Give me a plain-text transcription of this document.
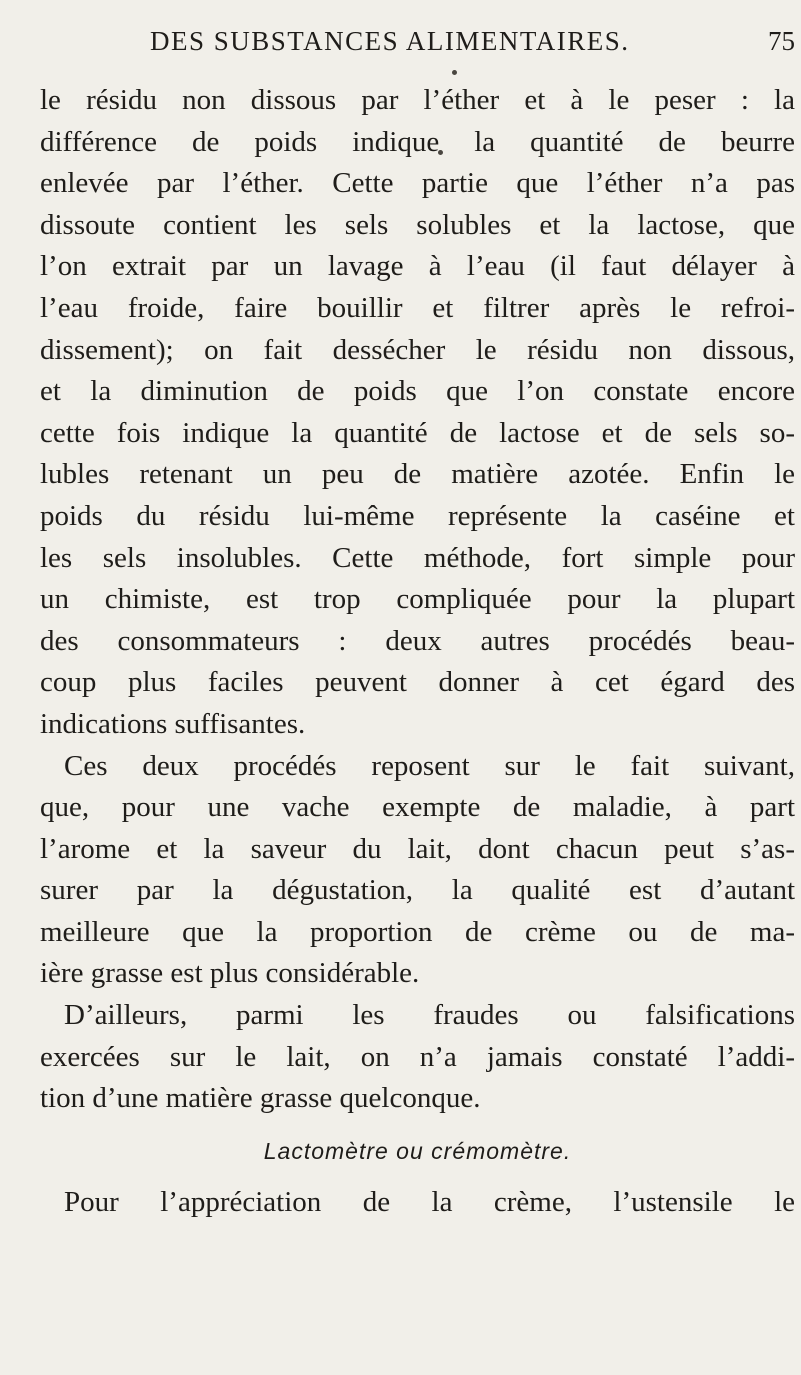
DES SUBSTANCES ALIMENTAIRES.	75
le résidu non dissous par l’éther et à le peser : la
différence de poids indique la quantité de beurre
enlevée par l’éther. Cette partie que l’éther n’a pas
dissoute contient les sels solubles et la lactose, que
l’on extrait par un lavage à l’eau (il faut délayer à
l’eau froide, faire bouillir et filtrer après le refroi-
dissement); on fait dessécher le résidu non dissous,
et la diminution de poids que l’on constate encore
cette fois indique la quantité de lactose et de sels so-
lubles retenant un peu de matière azotée. Enfin le
poids du résidu lui-même représente la caséine et
les sels insolubles. Cette méthode, fort simple pour
un chimiste, est trop compliquée pour la plupart
des consommateurs : deux autres procédés beau-
coup plus faciles peuvent donner à cet égard des
indications suffisantes.
Ces deux procédés reposent sur le fait suivant,
que, pour une vache exempte de maladie, à part
l’arome et la saveur du lait, dont chacun peut s’as-
surer par la dégustation, la qualité est d’autant
meilleure que la proportion de crème ou de ma-
ière grasse est plus considérable.
D’ailleurs, parmi les fraudes ou falsifications
exercées sur le lait, on n’a jamais constaté l’addi-
tion d’une matière grasse quelconque.
Lactomètre ou crémomètre.
Pour l’appréciation de la crème, l’ustensile le
